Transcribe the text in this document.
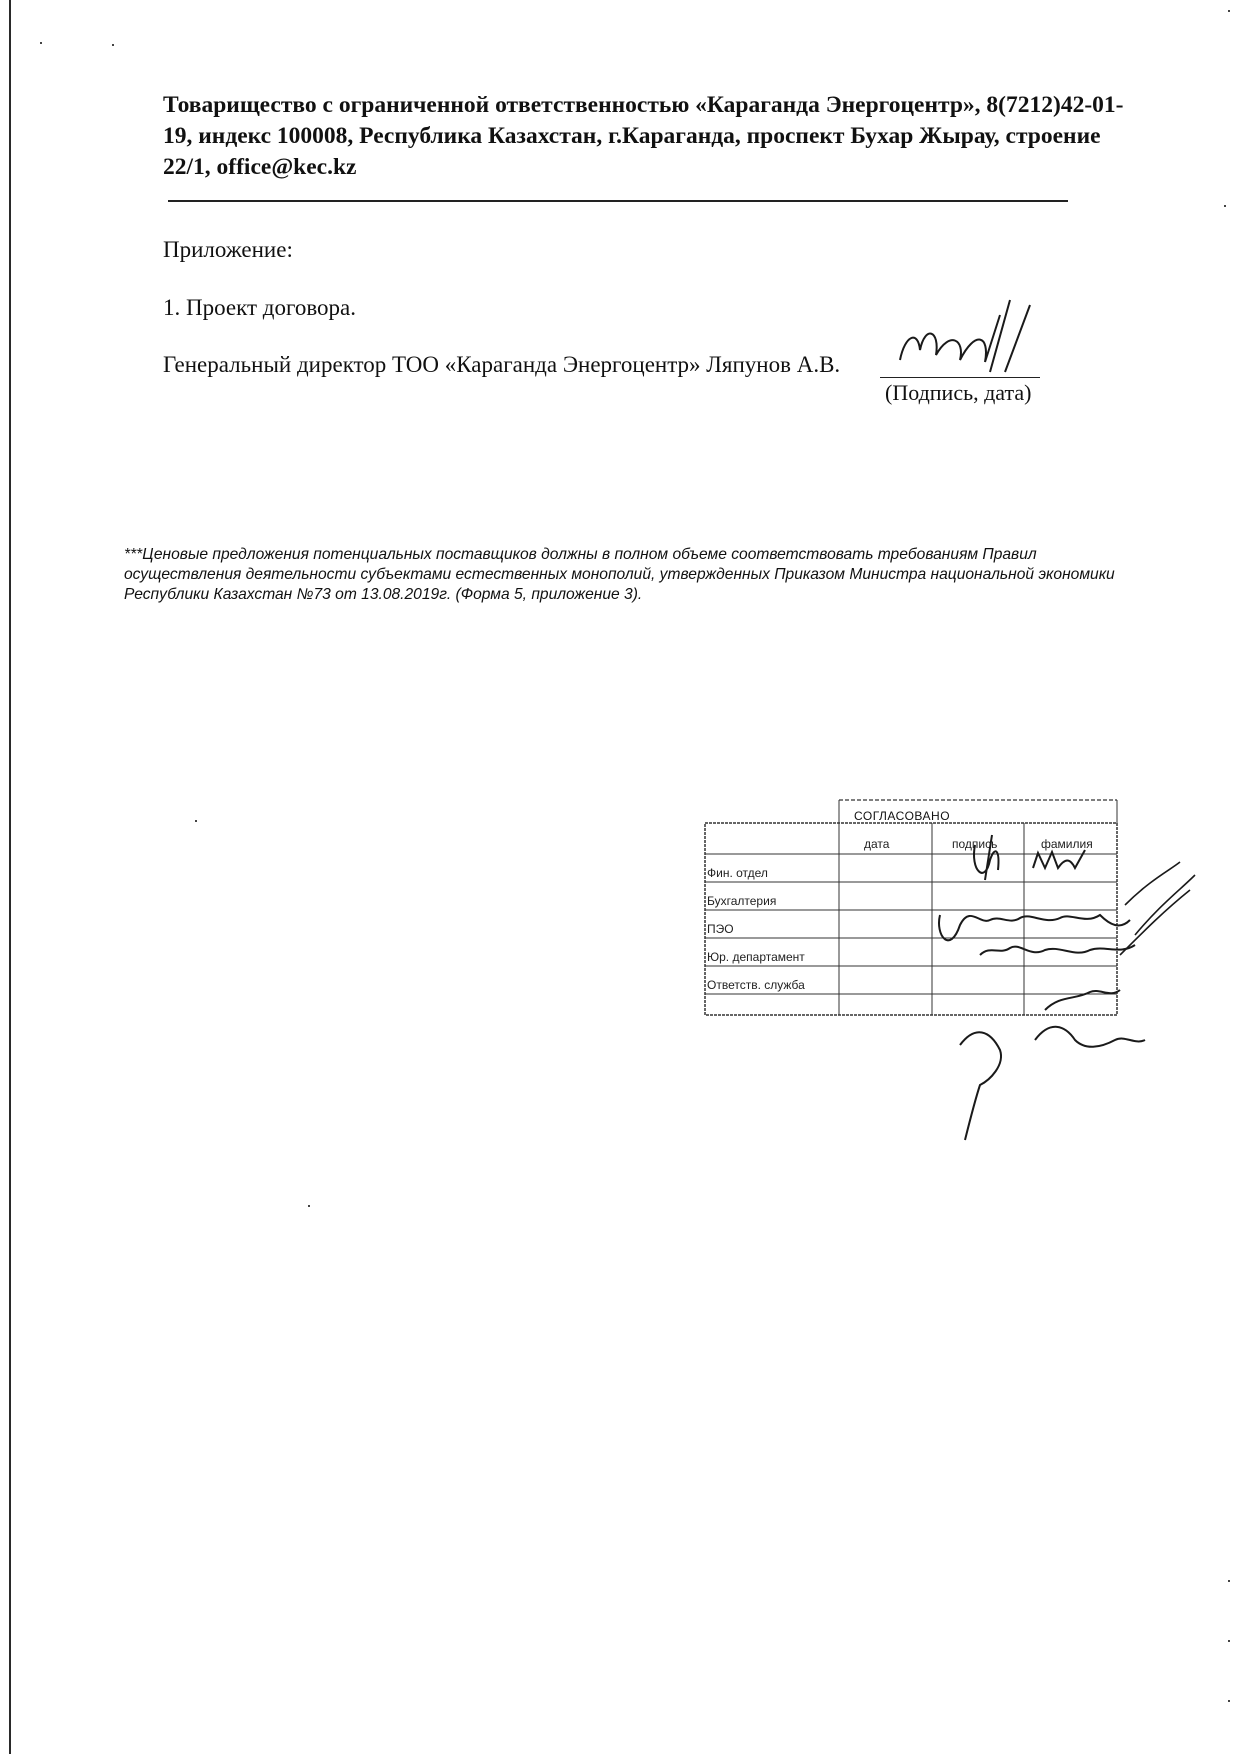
Товарищество с ограниченной ответственностью «Караганда Энергоцентр», 8(7212)42-01-19, индекс 100008, Республика Казахстан, г.Караганда, проспект Бухар Жырау, строение 22/1, office@kec.kz
Приложение:
1. Проект договора.
Генеральный директор ТОО «Караганда Энергоцентр» Ляпунов А.В.
(Подпись, дата)
***Ценовые предложения потенциальных поставщиков должны в полном объеме соответствовать требованиям Правил осуществления деятельности субъектами естественных монополий, утвержденных Приказом Министра национальной экономики Республики Казахстан №73 от 13.08.2019г. (Форма 5, приложение 3).
СОГЛАСОВАНО
дата	подпись	фамилия
Фин. отдел
Бухгалтерия
ПЭО
Юр. департамент
Ответств. служба
